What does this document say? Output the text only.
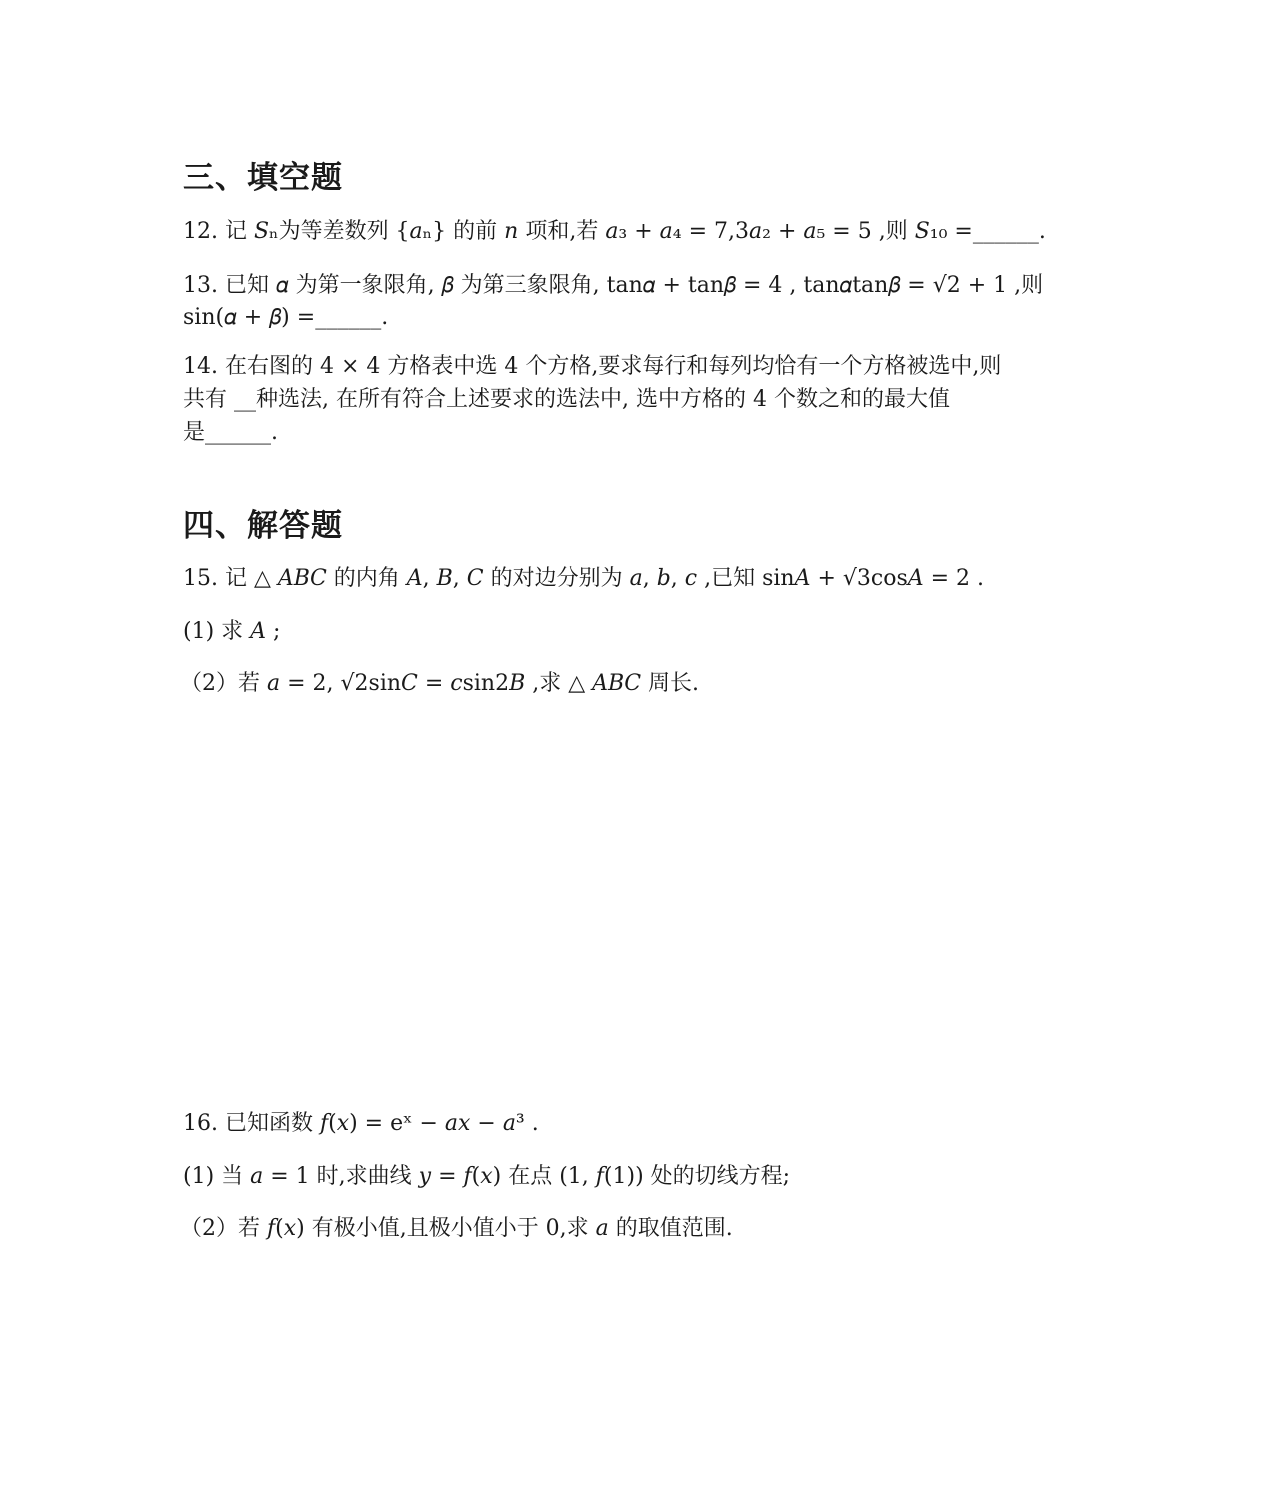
三、填空题

12. 记 𝑆ₙ为等差数列 {𝑎ₙ} 的前 𝑛 项和,若 𝑎₃ + 𝑎₄ = 7,3𝑎₂ + 𝑎₅ = 5 ,则 𝑆₁₀ =______.

13. 已知 𝛼 为第一象限角, 𝛽 为第三象限角, tan𝛼 + tan𝛽 = 4 , tan𝛼tan𝛽 = √2 + 1 ,则

sin(𝛼 + 𝛽) =______.

14. 在右图的 4 × 4 方格表中选 4 个方格,要求每行和每列均恰有一个方格被选中,则

共有 __种选法, 在所有符合上述要求的选法中, 选中方格的 4 个数之和的最大值

是______.

四、解答题

15. 记 △ 𝐴𝐵𝐶 的内角 𝐴, 𝐵, 𝐶 的对边分别为 𝑎, 𝑏, 𝑐 ,已知 sin𝐴 + √3cos𝐴 = 2 .

(1) 求 𝐴 ;

（2）若 𝑎 = 2, √2sin𝐶 = 𝑐sin2𝐵 ,求 △ 𝐴𝐵𝐶 周长.

16. 已知函数 𝑓(𝑥) = eˣ − 𝑎𝑥 − 𝑎³ .

(1) 当 𝑎 = 1 时,求曲线 𝑦 = 𝑓(𝑥) 在点 (1, 𝑓(1)) 处的切线方程;

（2）若 𝑓(𝑥) 有极小值,且极小值小于 0,求 𝑎 的取值范围.
